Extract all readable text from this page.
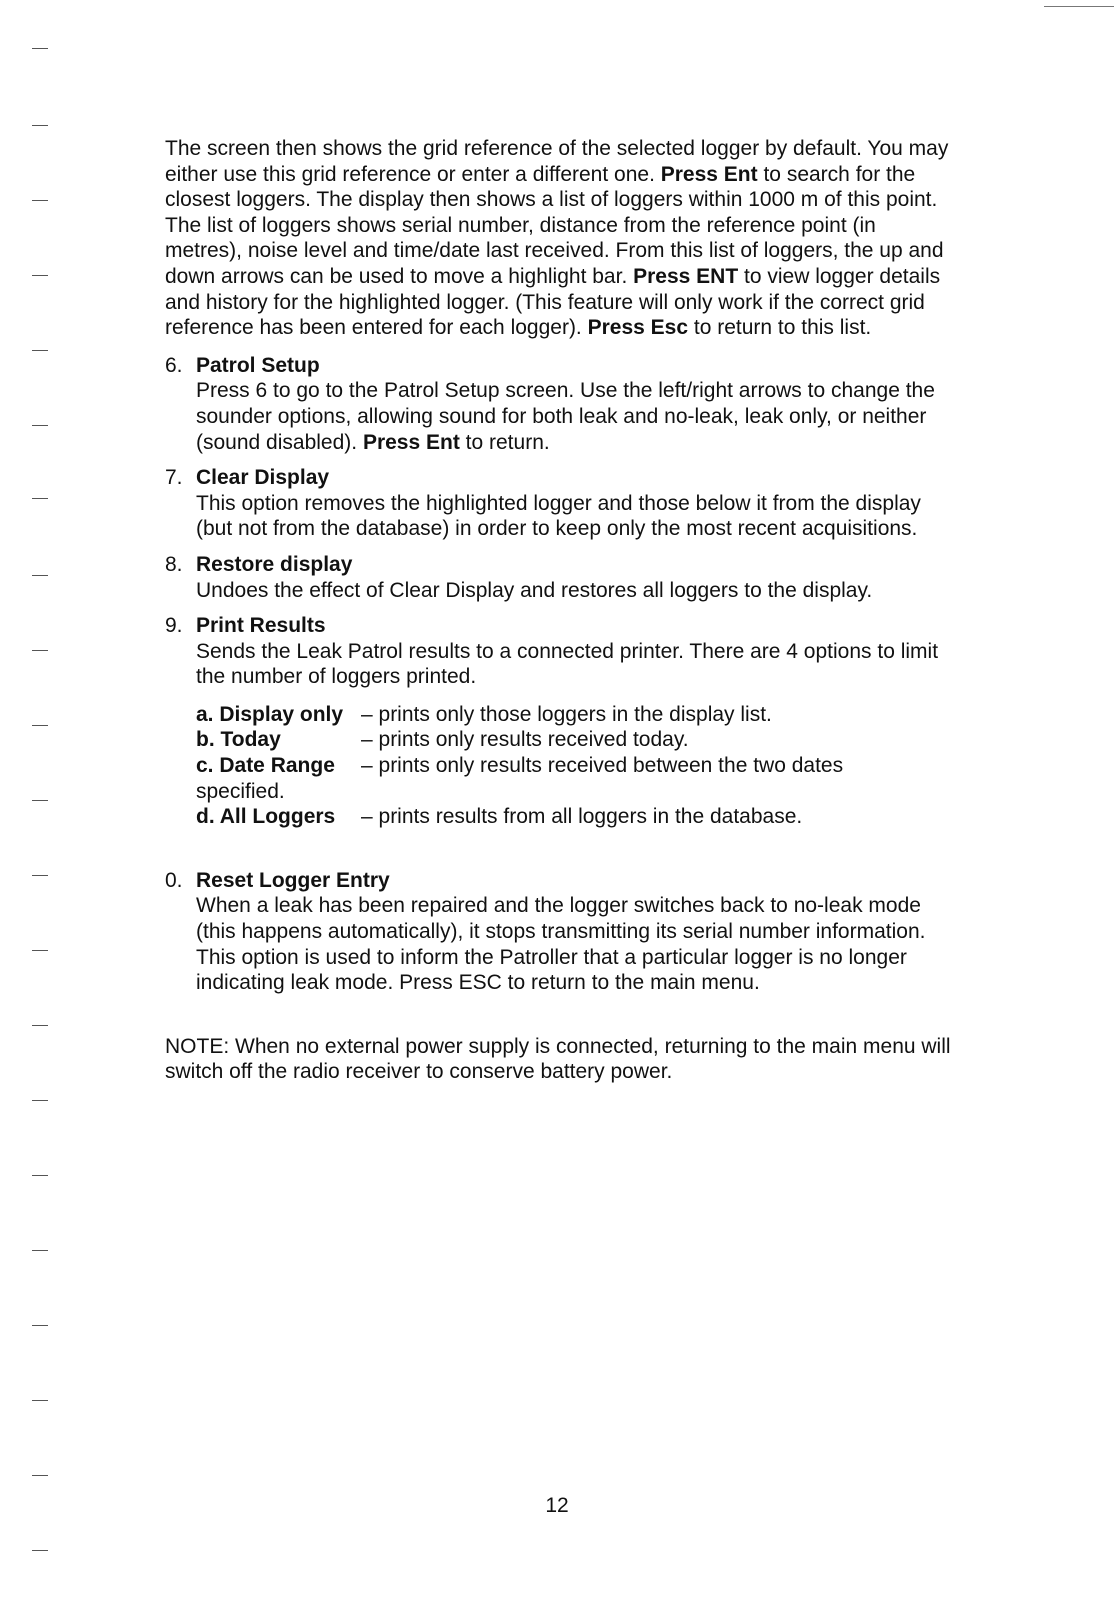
The screen then shows the grid reference of the selected logger by default. You may either use this grid reference or enter a different one. Press Ent to search for the closest loggers. The display then shows a list of loggers within 1000 m of this point. The list of loggers shows serial number, distance from the reference point (in metres), noise level and time/date last received. From this list of loggers, the up and down arrows can be used to move a highlight bar. Press ENT to view logger details and history for the highlighted logger. (This feature will only work if the correct grid reference has been entered for each logger). Press Esc to return to this list.

6. Patrol Setup

Press 6 to go to the Patrol Setup screen. Use the left/right arrows to change the sounder options, allowing sound for both leak and no-leak, leak only, or neither (sound disabled). Press Ent to return.

7. Clear Display

This option removes the highlighted logger and those below it from the display (but not from the database) in order to keep only the most recent acquisitions.

8. Restore display

Undoes the effect of Clear Display and restores all loggers to the display.

9. Print Results

Sends the Leak Patrol results to a connected printer. There are 4 options to limit the number of loggers printed.

a. Display only – prints only those loggers in the display list.
b. Today	– prints only results received today.
c. Date Range	– prints only results received between the two dates
specified.
d. All Loggers	– prints results from all loggers in the database.
0. Reset Logger Entry

When a leak has been repaired and the logger switches back to no-leak mode (this happens automatically), it stops transmitting its serial number information. This option is used to inform the Patroller that a particular logger is no longer indicating leak mode. Press ESC to return to the main menu.

NOTE: When no external power supply is connected, returning to the main menu will switch off the radio receiver to conserve battery power.

12
